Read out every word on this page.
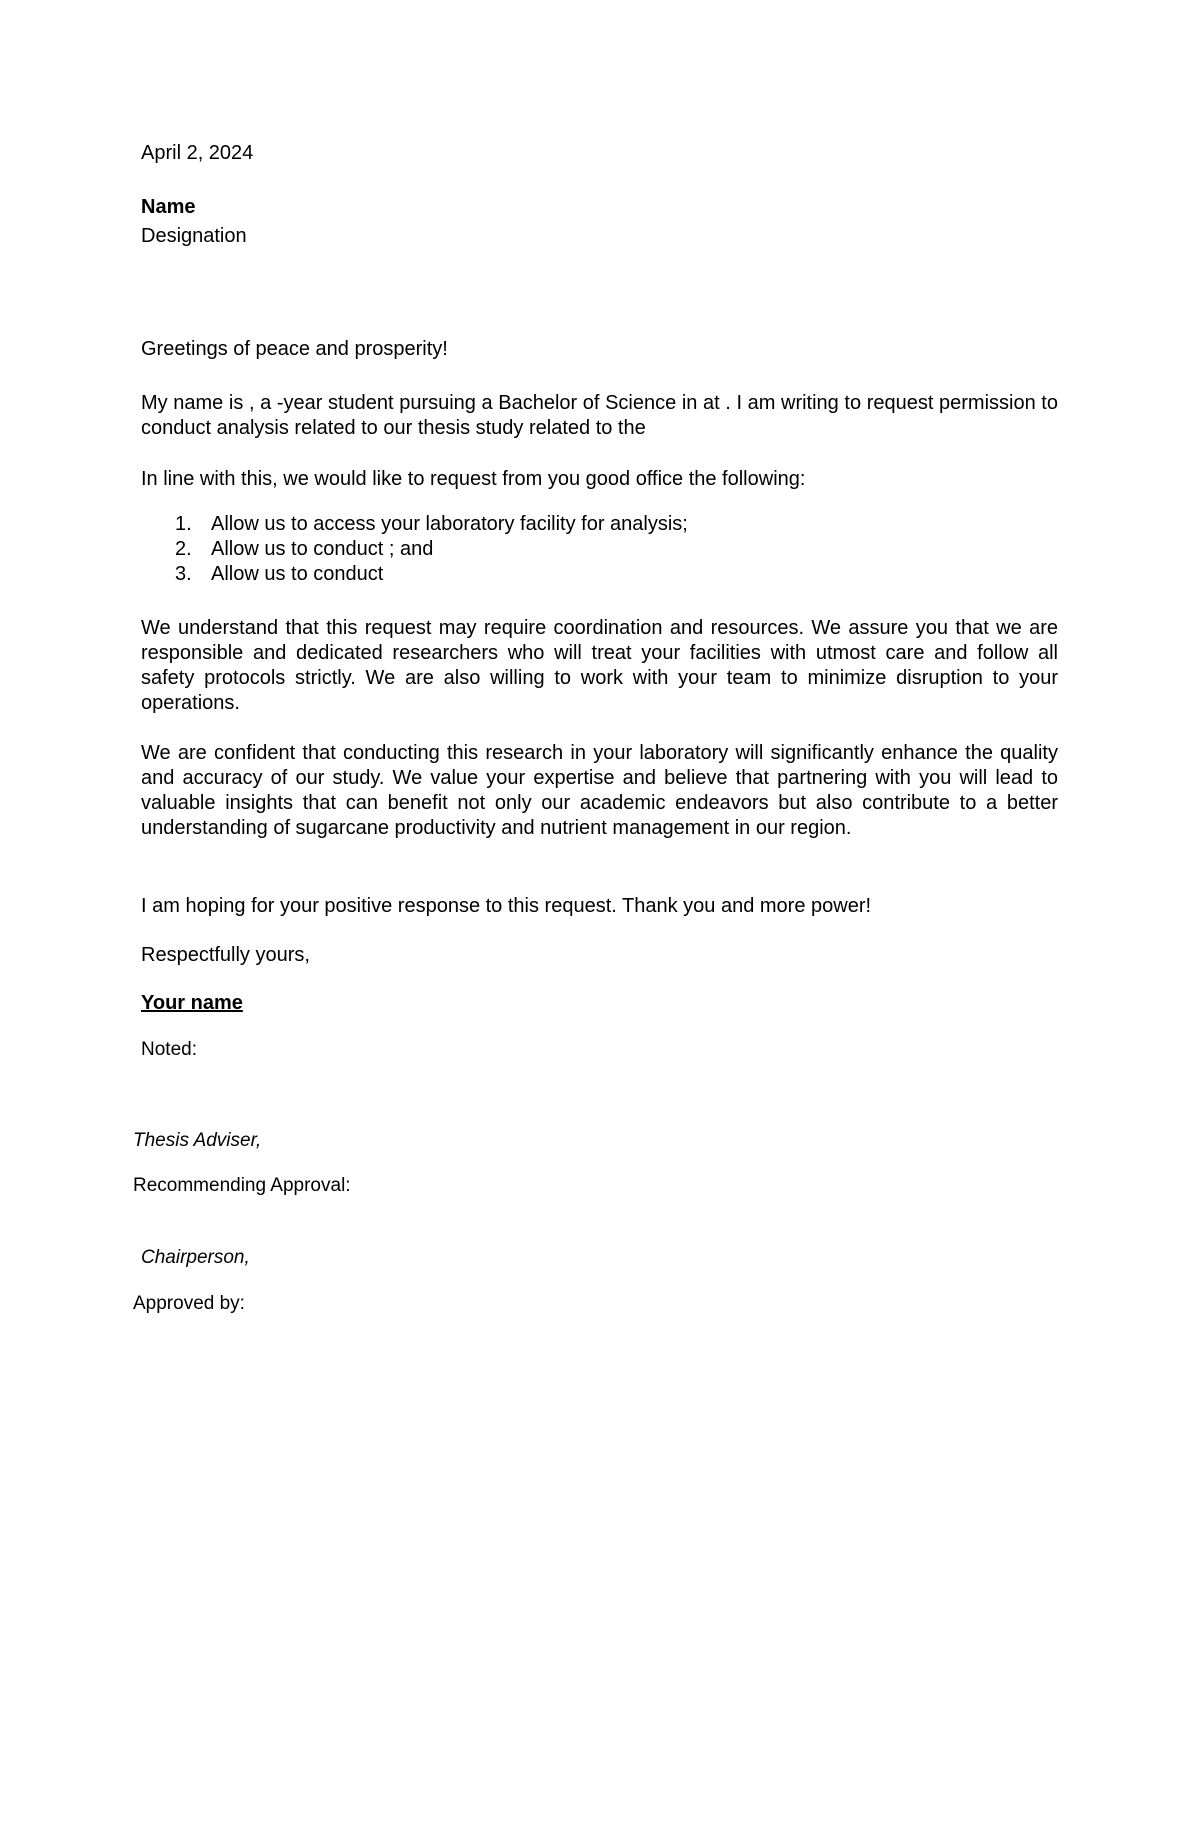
April 2, 2024
Name
Designation
Greetings of peace and prosperity!
My name is , a -year student pursuing a Bachelor of Science in at . I am writing to request permission to conduct analysis related to our thesis study related to the
In line with this, we would like to request from you good office the following:
1. Allow us to access your laboratory facility for analysis;
2. Allow us to conduct ; and
3. Allow us to conduct
We understand that this request may require coordination and resources. We assure you that we are responsible and dedicated researchers who will treat your facilities with utmost care and follow all safety protocols strictly. We are also willing to work with your team to minimize disruption to your operations.
We are confident that conducting this research in your laboratory will significantly enhance the quality and accuracy of our study. We value your expertise and believe that partnering with you will lead to valuable insights that can benefit not only our academic endeavors but also contribute to a better understanding of sugarcane productivity and nutrient management in our region.
I am hoping for your positive response to this request. Thank you and more power!
Respectfully yours,
Your name
Noted:
Thesis Adviser,
Recommending Approval:
Chairperson,
Approved by:
